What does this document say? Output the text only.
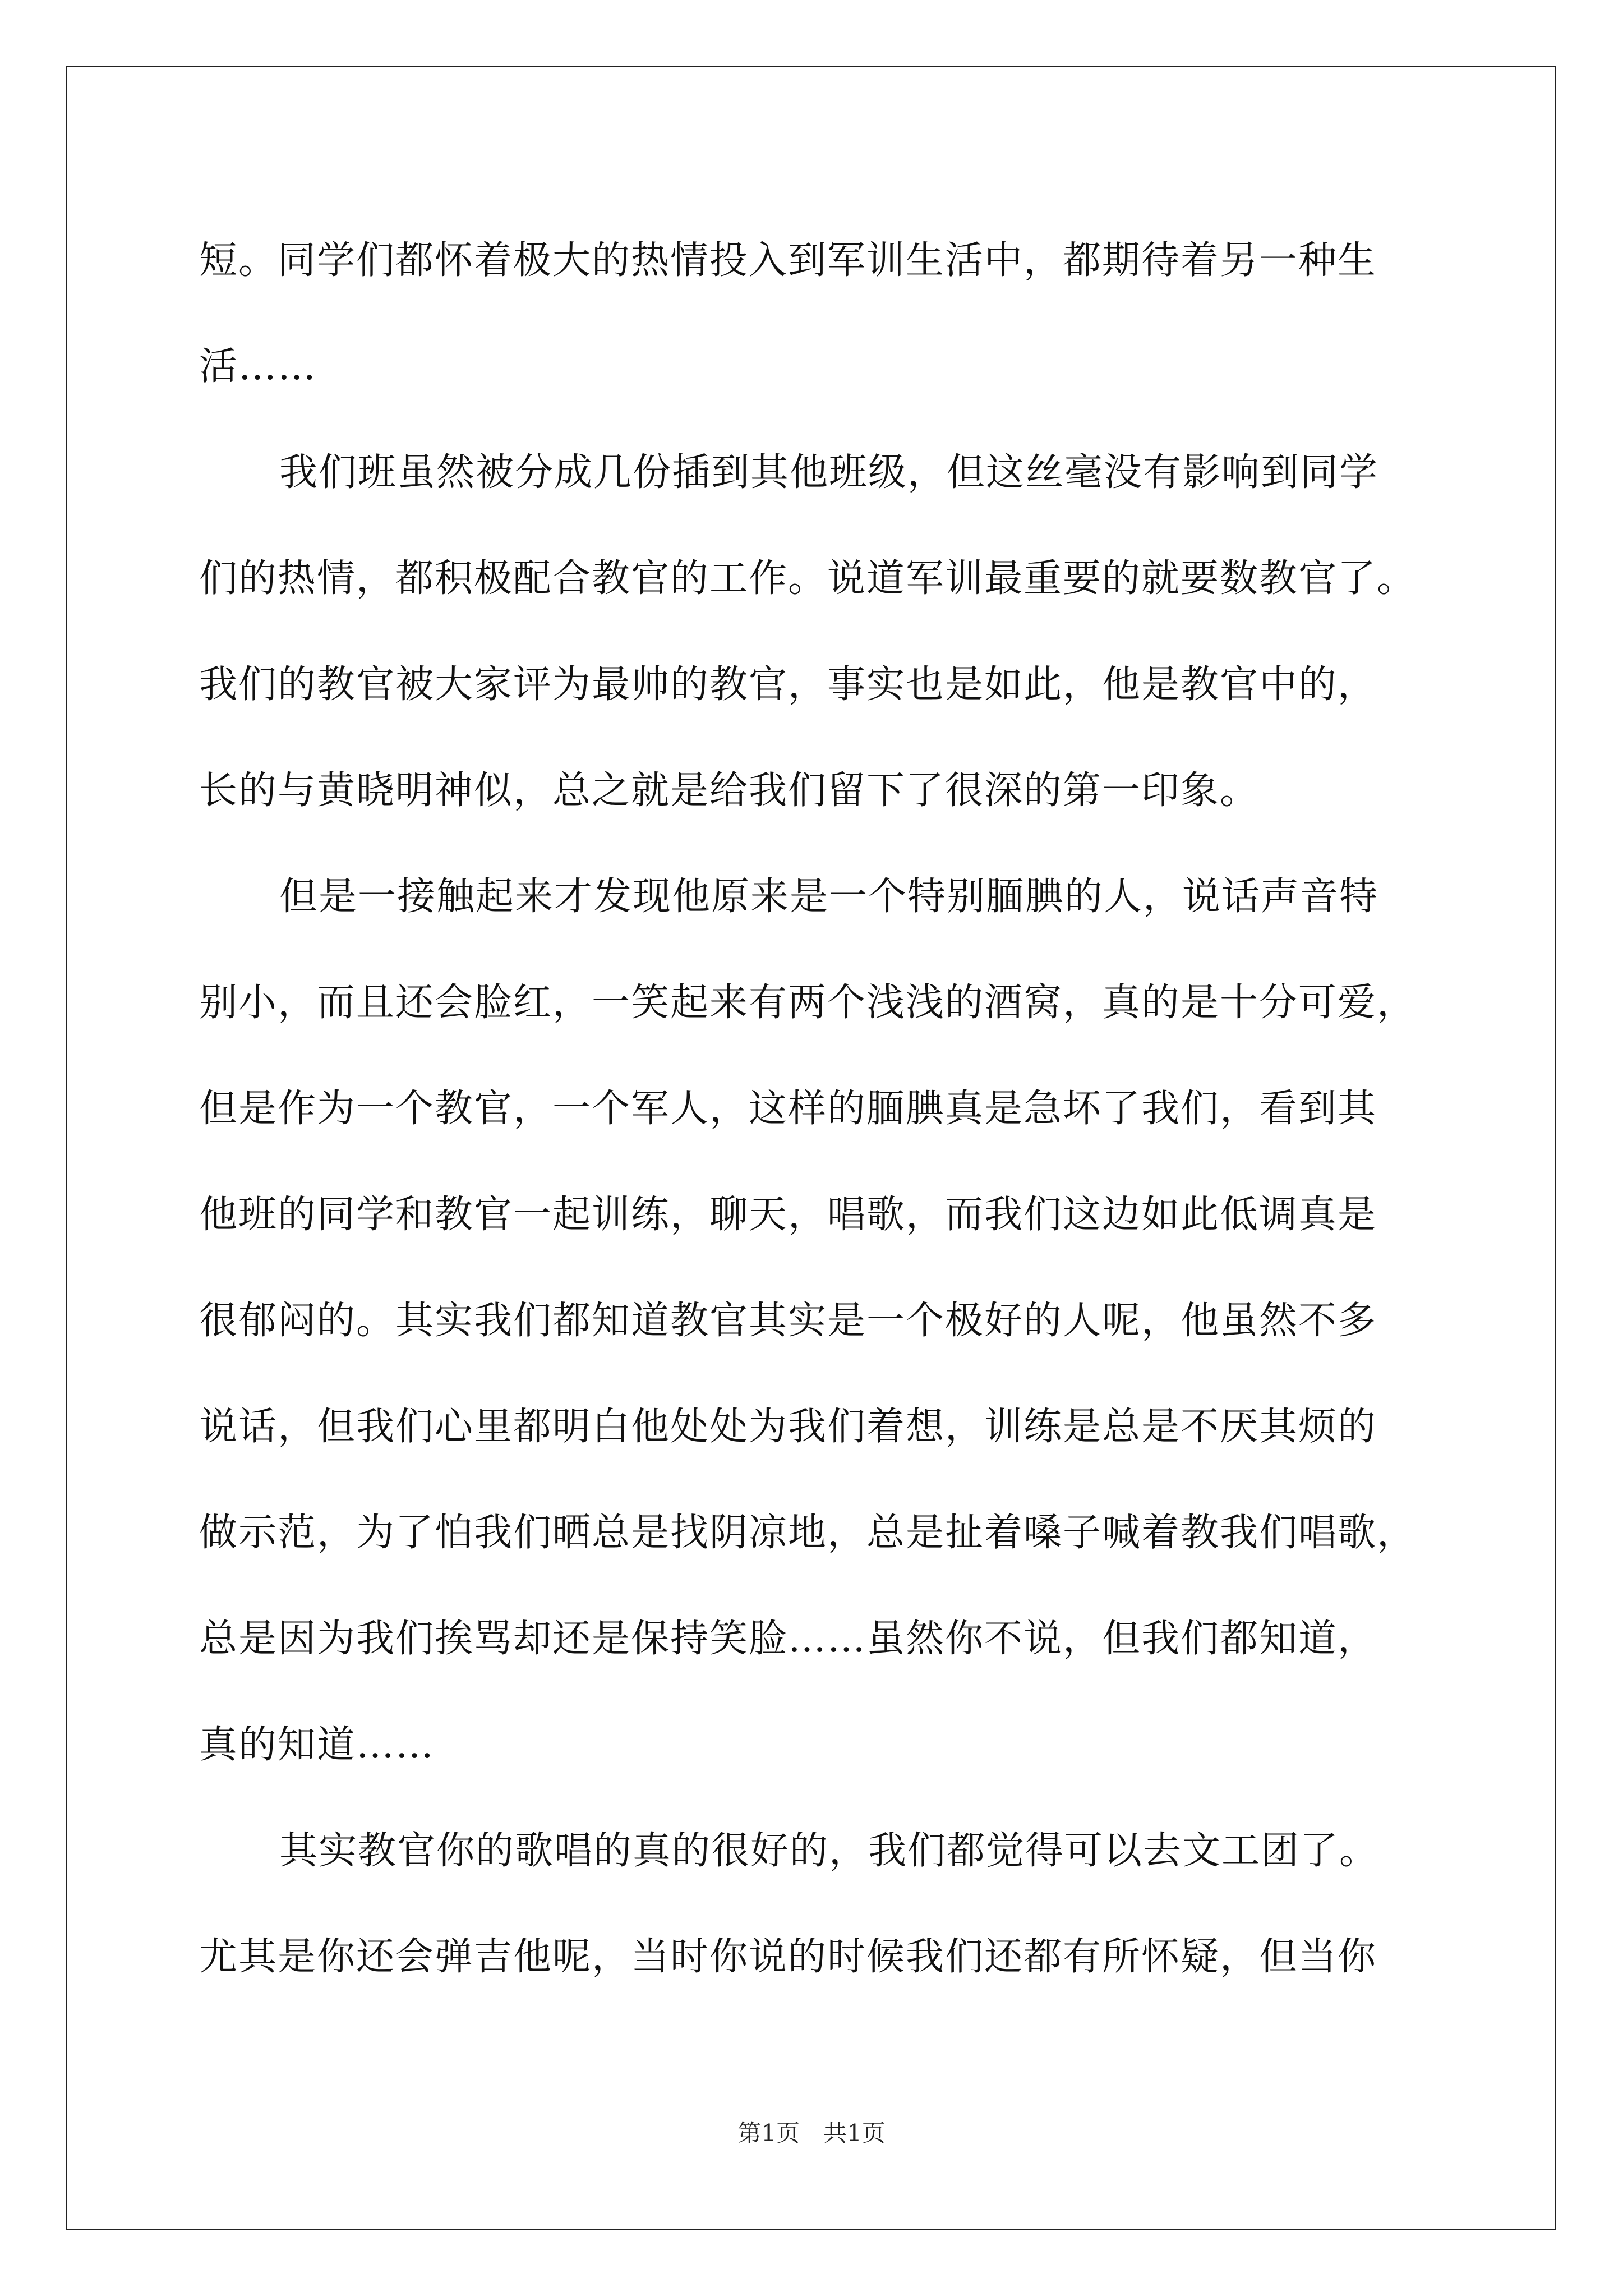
短。同学们都怀着极大的热情投入到军训生活中，都期待着另一种生
活……
我们班虽然被分成几份插到其他班级，但这丝毫没有影响到同学
们的热情，都积极配合教官的工作。说道军训最重要的就要数教官了。
我们的教官被大家评为最帅的教官，事实也是如此，他是教官中的，
长的与黄晓明神似，总之就是给我们留下了很深的第一印象。
但是一接触起来才发现他原来是一个特别腼腆的人，说话声音特
别小，而且还会脸红，一笑起来有两个浅浅的酒窝，真的是十分可爱，
但是作为一个教官，一个军人，这样的腼腆真是急坏了我们，看到其
他班的同学和教官一起训练，聊天，唱歌，而我们这边如此低调真是
很郁闷的。其实我们都知道教官其实是一个极好的人呢，他虽然不多
说话，但我们心里都明白他处处为我们着想，训练是总是不厌其烦的
做示范，为了怕我们晒总是找阴凉地，总是扯着嗓子喊着教我们唱歌，
总是因为我们挨骂却还是保持笑脸……虽然你不说，但我们都知道，
真的知道……
其实教官你的歌唱的真的很好的，我们都觉得可以去文工团了。
尤其是你还会弹吉他呢，当时你说的时候我们还都有所怀疑，但当你
第1页　共1页
